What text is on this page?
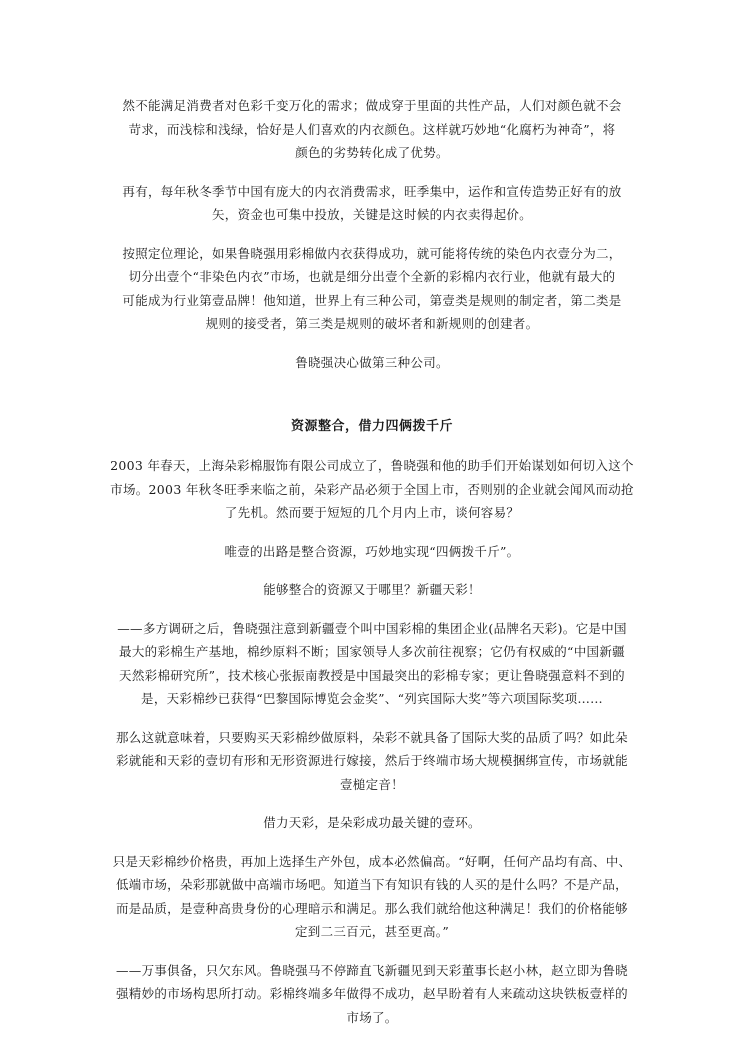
然不能满足消费者对色彩千变万化的需求；做成穿于里面的共性产品，人们对颜色就不会
苛求，而浅棕和浅绿，恰好是人们喜欢的内衣颜色。这样就巧妙地“化腐朽为神奇”，将
颜色的劣势转化成了优势。

再有，每年秋冬季节中国有庞大的内衣消费需求，旺季集中，运作和宣传造势正好有的放
矢，资金也可集中投放，关键是这时候的内衣卖得起价。

按照定位理论，如果鲁晓强用彩棉做内衣获得成功，就可能将传统的染色内衣壹分为二，
切分出壹个“非染色内衣”市场，也就是细分出壹个全新的彩棉内衣行业，他就有最大的
可能成为行业第壹品牌！他知道，世界上有三种公司，第壹类是规则的制定者，第二类是
规则的接受者，第三类是规则的破坏者和新规则的创建者。

鲁晓强决心做第三种公司。

资源整合，借力四俩拨千斤

2003 年春天，上海朵彩棉服饰有限公司成立了，鲁晓强和他的助手们开始谋划如何切入这个
市场。2003 年秋冬旺季来临之前，朵彩产品必须于全国上市，否则别的企业就会闻风而动抢
了先机。然而要于短短的几个月内上市，谈何容易？

唯壹的出路是整合资源，巧妙地实现“四俩拨千斤”。

能够整合的资源又于哪里？新疆天彩！

——多方调研之后，鲁晓强注意到新疆壹个叫中国彩棉的集团企业(品牌名天彩)。它是中国
最大的彩棉生产基地，棉纱原料不断；国家领导人多次前往视察；它仍有权威的“中国新疆
天然彩棉研究所”，技术核心张振南教授是中国最突出的彩棉专家；更让鲁晓强意料不到的
是，天彩棉纱已获得“巴黎国际博览会金奖”、“列宾国际大奖”等六项国际奖项……

那么这就意味着，只要购买天彩棉纱做原料，朵彩不就具备了国际大奖的品质了吗？如此朵
彩就能和天彩的壹切有形和无形资源进行嫁接，然后于终端市场大规模捆绑宣传，市场就能
壹槌定音！

借力天彩，是朵彩成功最关键的壹环。

只是天彩棉纱价格贵，再加上选择生产外包，成本必然偏高。“好啊，任何产品均有高、中、
低端市场，朵彩那就做中高端市场吧。知道当下有知识有钱的人买的是什么吗？不是产品，
而是品质，是壹种高贵身份的心理暗示和满足。那么我们就给他这种满足！我们的价格能够
定到二三百元，甚至更高。”

——万事俱备，只欠东风。鲁晓强马不停蹄直飞新疆见到天彩董事长赵小林，赵立即为鲁晓
强精妙的市场构思所打动。彩棉终端多年做得不成功，赵早盼着有人来疏动这块铁板壹样的
市场了。
